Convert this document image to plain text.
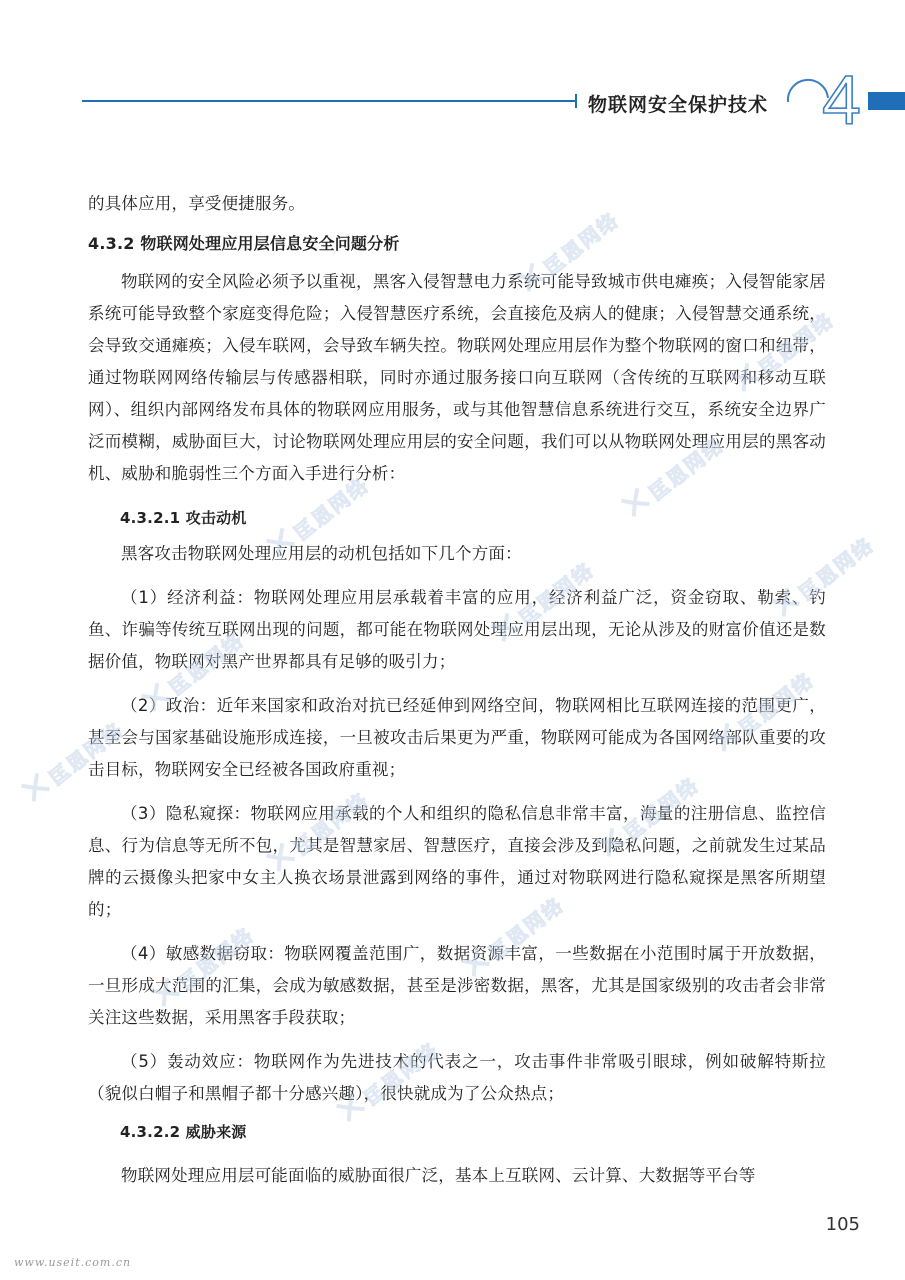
物联网安全保护技术 4

的具体应用，享受便捷服务。

4.3.2 物联网处理应用层信息安全问题分析

物联网的安全风险必须予以重视，黑客入侵智慧电力系统可能导致城市供电瘫痪；入侵智能家居系统可能导致整个家庭变得危险；入侵智慧医疗系统，会直接危及病人的健康；入侵智慧交通系统，会导致交通瘫痪；入侵车联网，会导致车辆失控。物联网处理应用层作为整个物联网的窗口和纽带，通过物联网网络传输层与传感器相联，同时亦通过服务接口向互联网（含传统的互联网和移动互联网）、组织内部网络发布具体的物联网应用服务，或与其他智慧信息系统进行交互，系统安全边界广泛而模糊，威胁面巨大，讨论物联网处理应用层的安全问题，我们可以从物联网处理应用层的黑客动机、威胁和脆弱性三个方面入手进行分析：

4.3.2.1 攻击动机

黑客攻击物联网处理应用层的动机包括如下几个方面：

（1）经济利益：物联网处理应用层承载着丰富的应用，经济利益广泛，资金窃取、勒索、钓鱼、诈骗等传统互联网出现的问题，都可能在物联网处理应用层出现，无论从涉及的财富价值还是数据价值，物联网对黑产世界都具有足够的吸引力；

（2）政治：近年来国家和政治对抗已经延伸到网络空间，物联网相比互联网连接的范围更广，甚至会与国家基础设施形成连接，一旦被攻击后果更为严重，物联网可能成为各国网络部队重要的攻击目标，物联网安全已经被各国政府重视；

（3）隐私窥探：物联网应用承载的个人和组织的隐私信息非常丰富，海量的注册信息、监控信息、行为信息等无所不包，尤其是智慧家居、智慧医疗，直接会涉及到隐私问题，之前就发生过某品牌的云摄像头把家中女主人换衣场景泄露到网络的事件，通过对物联网进行隐私窥探是黑客所期望的；

（4）敏感数据窃取：物联网覆盖范围广，数据资源丰富，一些数据在小范围时属于开放数据，一旦形成大范围的汇集，会成为敏感数据，甚至是涉密数据，黑客，尤其是国家级别的攻击者会非常关注这些数据，采用黑客手段获取；

（5）轰动效应：物联网作为先进技术的代表之一，攻击事件非常吸引眼球，例如破解特斯拉（貌似白帽子和黑帽子都十分感兴趣），很快就成为了公众热点；

4.3.2.2 威胁来源

物联网处理应用层可能面临的威胁面很广泛，基本上互联网、云计算、大数据等平台等

105
www.useit.com.cn
匡恩网络
匡恩网络
匡恩网络
匡恩网络
匡恩网络	匡恩网络
匡恩网络
匡恩网络
匡恩网络
匡恩网络
匡恩网络
匡恩网络
匡恩网络
匡恩网络
